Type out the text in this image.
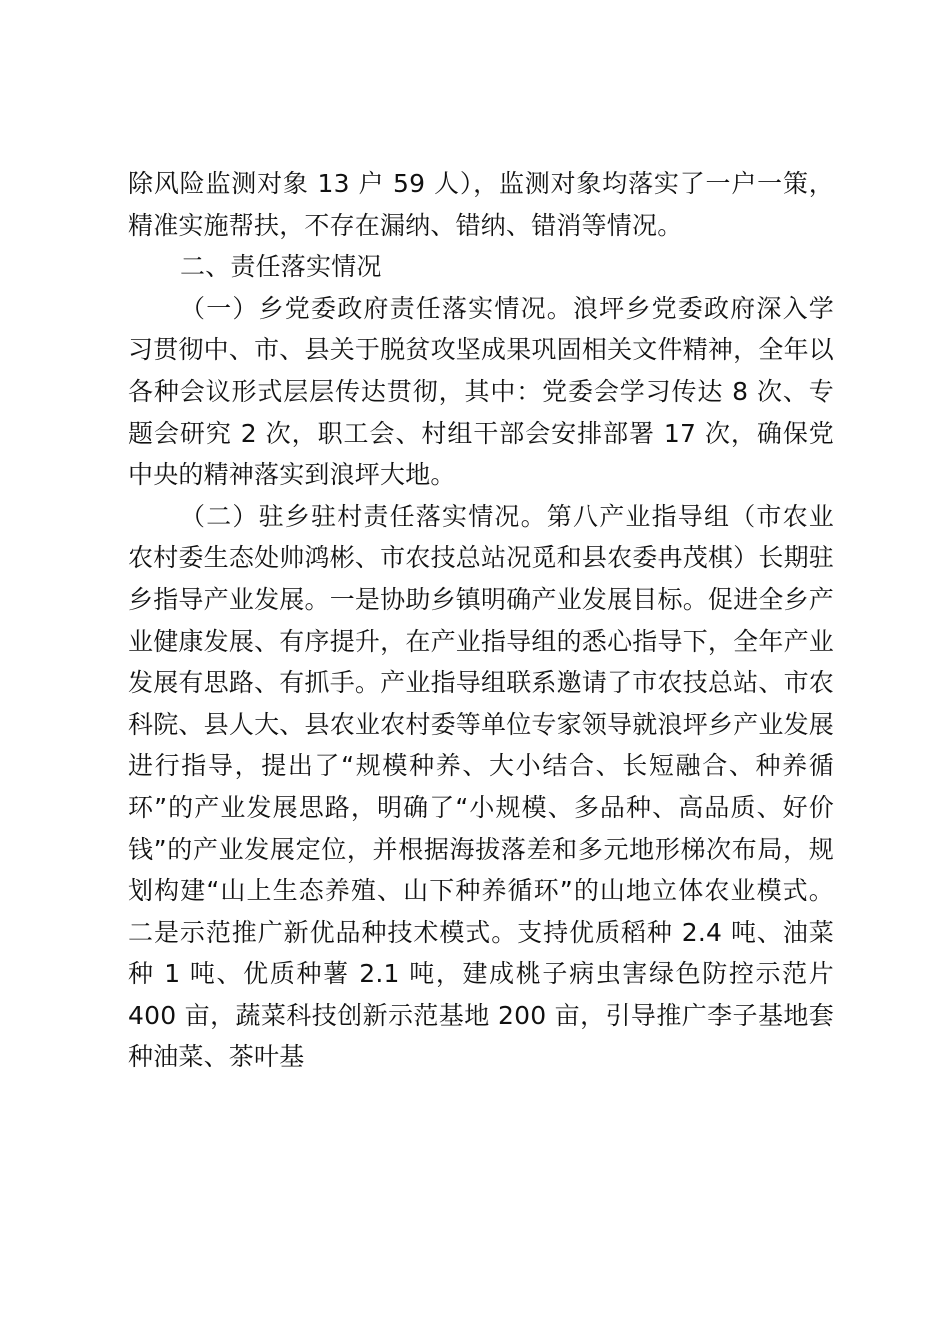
除风险监测对象 13 户 59 人），监测对象均落实了一户一策，精准实施帮扶，不存在漏纳、错纳、错消等情况。

二、责任落实情况

（一）乡党委政府责任落实情况。浪坪乡党委政府深入学习贯彻中、市、县关于脱贫攻坚成果巩固相关文件精神，全年以各种会议形式层层传达贯彻，其中：党委会学习传达 8 次、专题会研究 2 次，职工会、村组干部会安排部署 17 次，确保党中央的精神落实到浪坪大地。

（二）驻乡驻村责任落实情况。第八产业指导组（市农业农村委生态处帅鸿彬、市农技总站况觅和县农委冉茂棋）长期驻乡指导产业发展。一是协助乡镇明确产业发展目标。促进全乡产业健康发展、有序提升，在产业指导组的悉心指导下，全年产业发展有思路、有抓手。产业指导组联系邀请了市农技总站、市农科院、县人大、县农业农村委等单位专家领导就浪坪乡产业发展进行指导，提出了“规模种养、大小结合、长短融合、种养循环”的产业发展思路，明确了“小规模、多品种、高品质、好价钱”的产业发展定位，并根据海拔落差和多元地形梯次布局，规划构建“山上生态养殖、山下种养循环”的山地立体农业模式。二是示范推广新优品种技术模式。支持优质稻种 2.4 吨、油菜种 1 吨、优质种薯 2.1 吨，建成桃子病虫害绿色防控示范片 400 亩，蔬菜科技创新示范基地 200 亩，引导推广李子基地套种油菜、茶叶基
